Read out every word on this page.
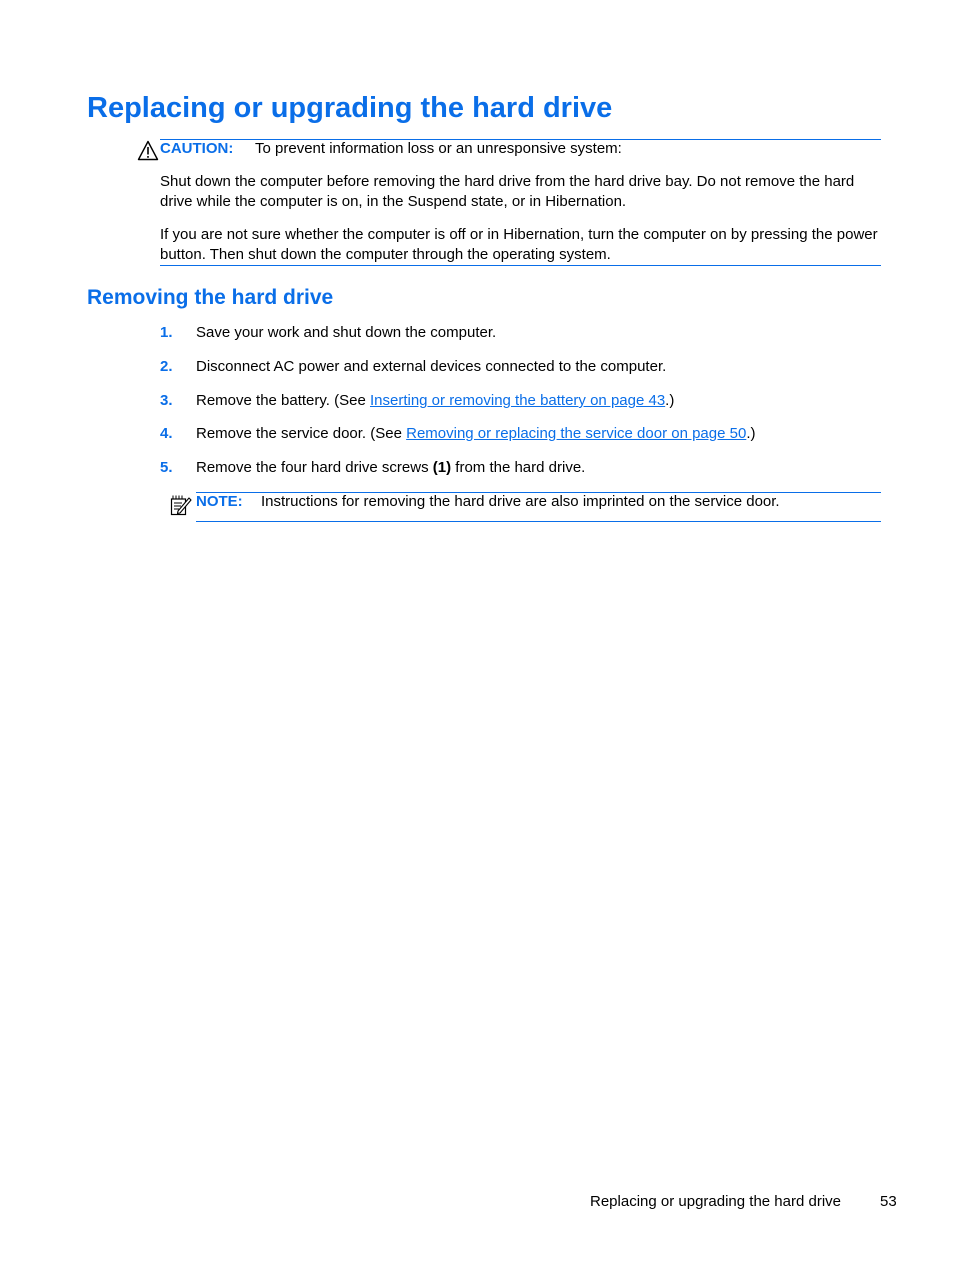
Replacing or upgrading the hard drive
CAUTION: To prevent information loss or an unresponsive system:

Shut down the computer before removing the hard drive from the hard drive bay. Do not remove the hard drive while the computer is on, in the Suspend state, or in Hibernation.

If you are not sure whether the computer is off or in Hibernation, turn the computer on by pressing the power button. Then shut down the computer through the operating system.

Removing the hard drive
1. Save your work and shut down the computer.
2. Disconnect AC power and external devices connected to the computer.
3. Remove the battery. (See Inserting or removing the battery on page 43.)
4. Remove the service door. (See Removing or replacing the service door on page 50.)
5. Remove the four hard drive screws (1) from the hard drive.
NOTE: Instructions for removing the hard drive are also imprinted on the service door.
Replacing or upgrading the hard drive	53
